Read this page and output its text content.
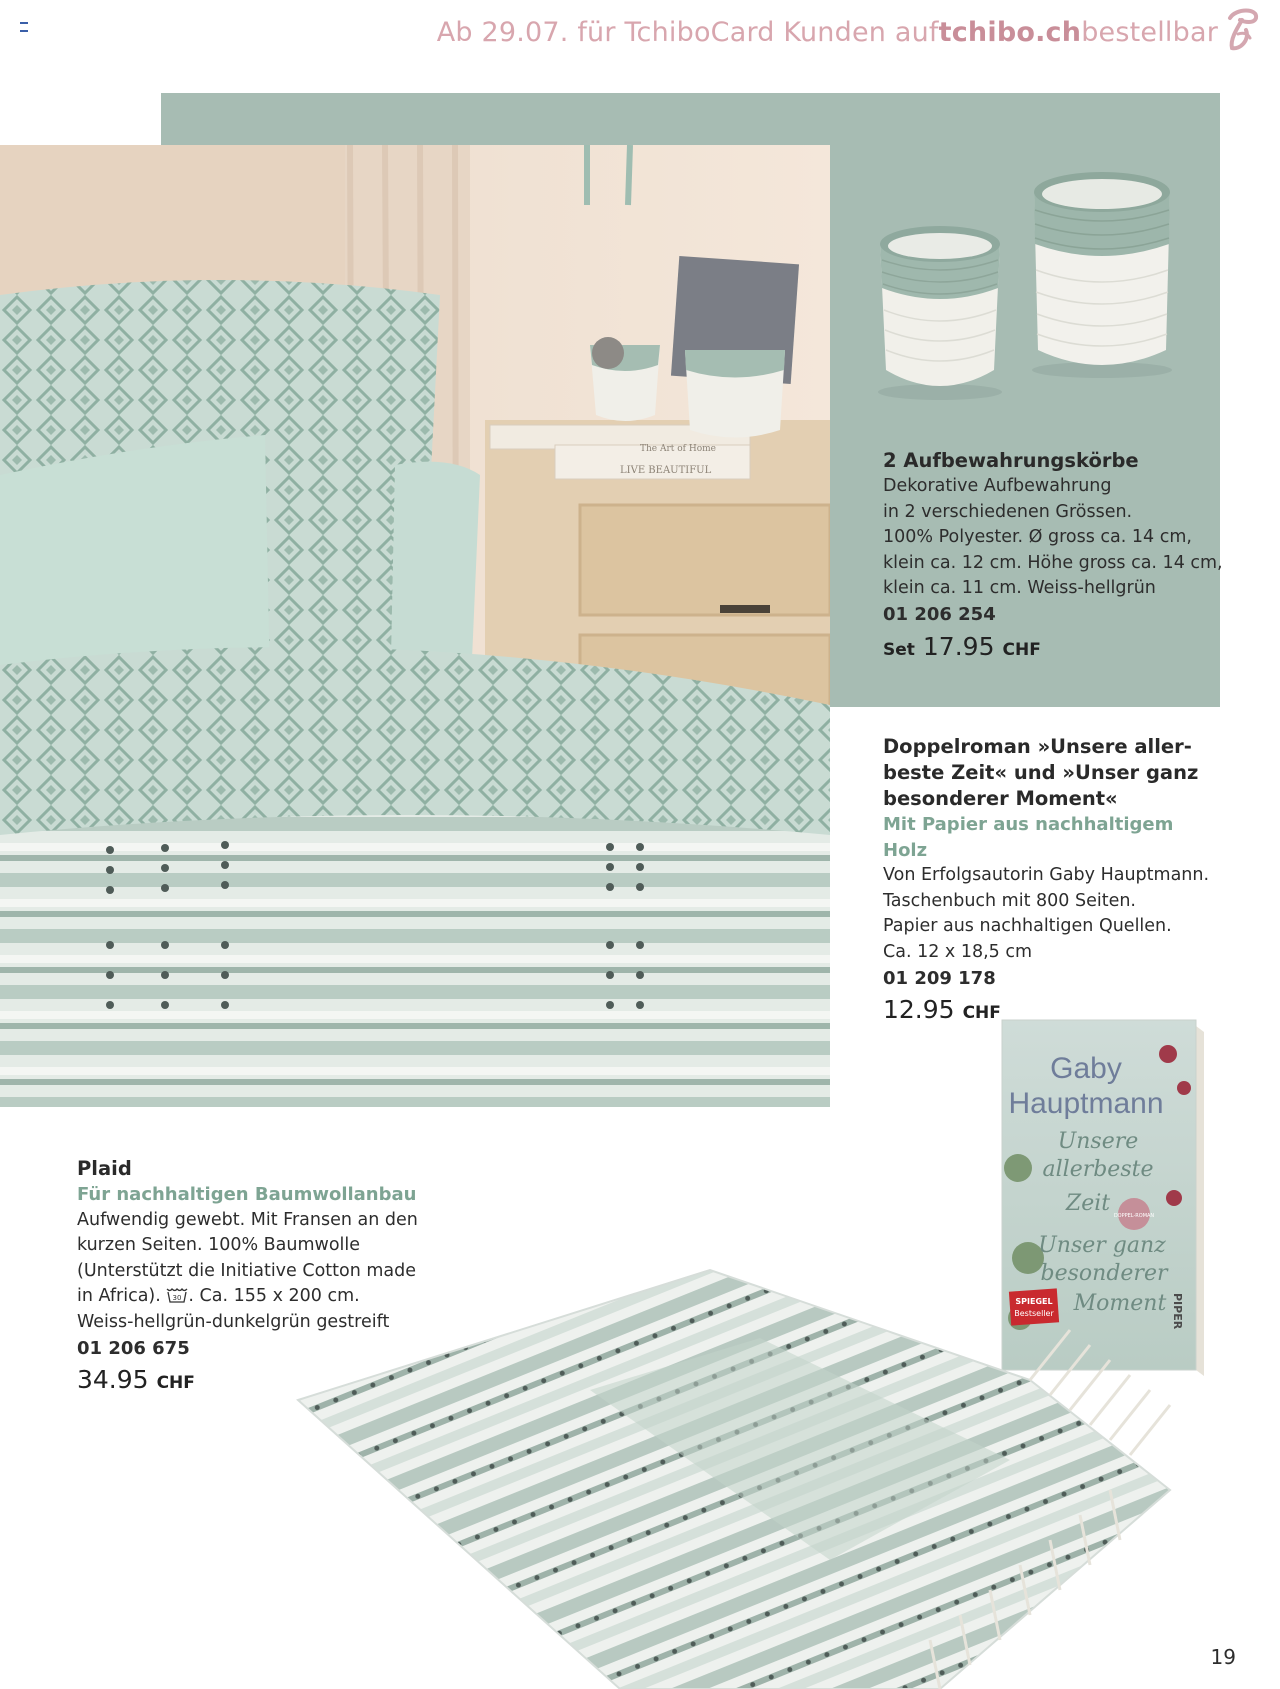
Ab 29.07. für TchiboCard Kunden auf tchibo.ch bestellbar
The Art of Home
LIVE BEAUTIFUL	2 Aufbewahrungskörbe
Dekorative Aufbewahrung
in 2 verschiedenen Grössen.
100% Polyester. Ø gross ca. 14 cm,
klein ca. 12 cm. Höhe gross ca. 14 cm,
klein ca. 11 cm. Weiss-hellgrün
01 206 254
Set 17.95 CHF
Doppelroman »Unsere aller-
beste Zeit« und »Unser ganz
besonderer Moment«
Mit Papier aus nachhaltigem Holz
Von Erfolgsautorin Gaby Hauptmann.
Taschenbuch mit 800 Seiten.
Papier aus nachhaltigen Quellen.
Ca. 12 x 18,5 cm
01 209 178
12.95 CHF
Gaby
Hauptmann
Unsere
allerbeste
Zeit
Unser ganz
besonderer
Moment
DOPPEL-ROMAN
SPIEGEL
Bestseller	PIPER
Plaid
Für nachhaltigen Baumwollanbau
Aufwendig gewebt. Mit Fransen an den
kurzen Seiten. 100% Baumwolle
(Unterstützt die Initiative Cotton made
in Africa). 30 . Ca. 155 x 200 cm.
Weiss-hellgrün-dunkelgrün gestreift
01 206 675
34.95 CHF
19
